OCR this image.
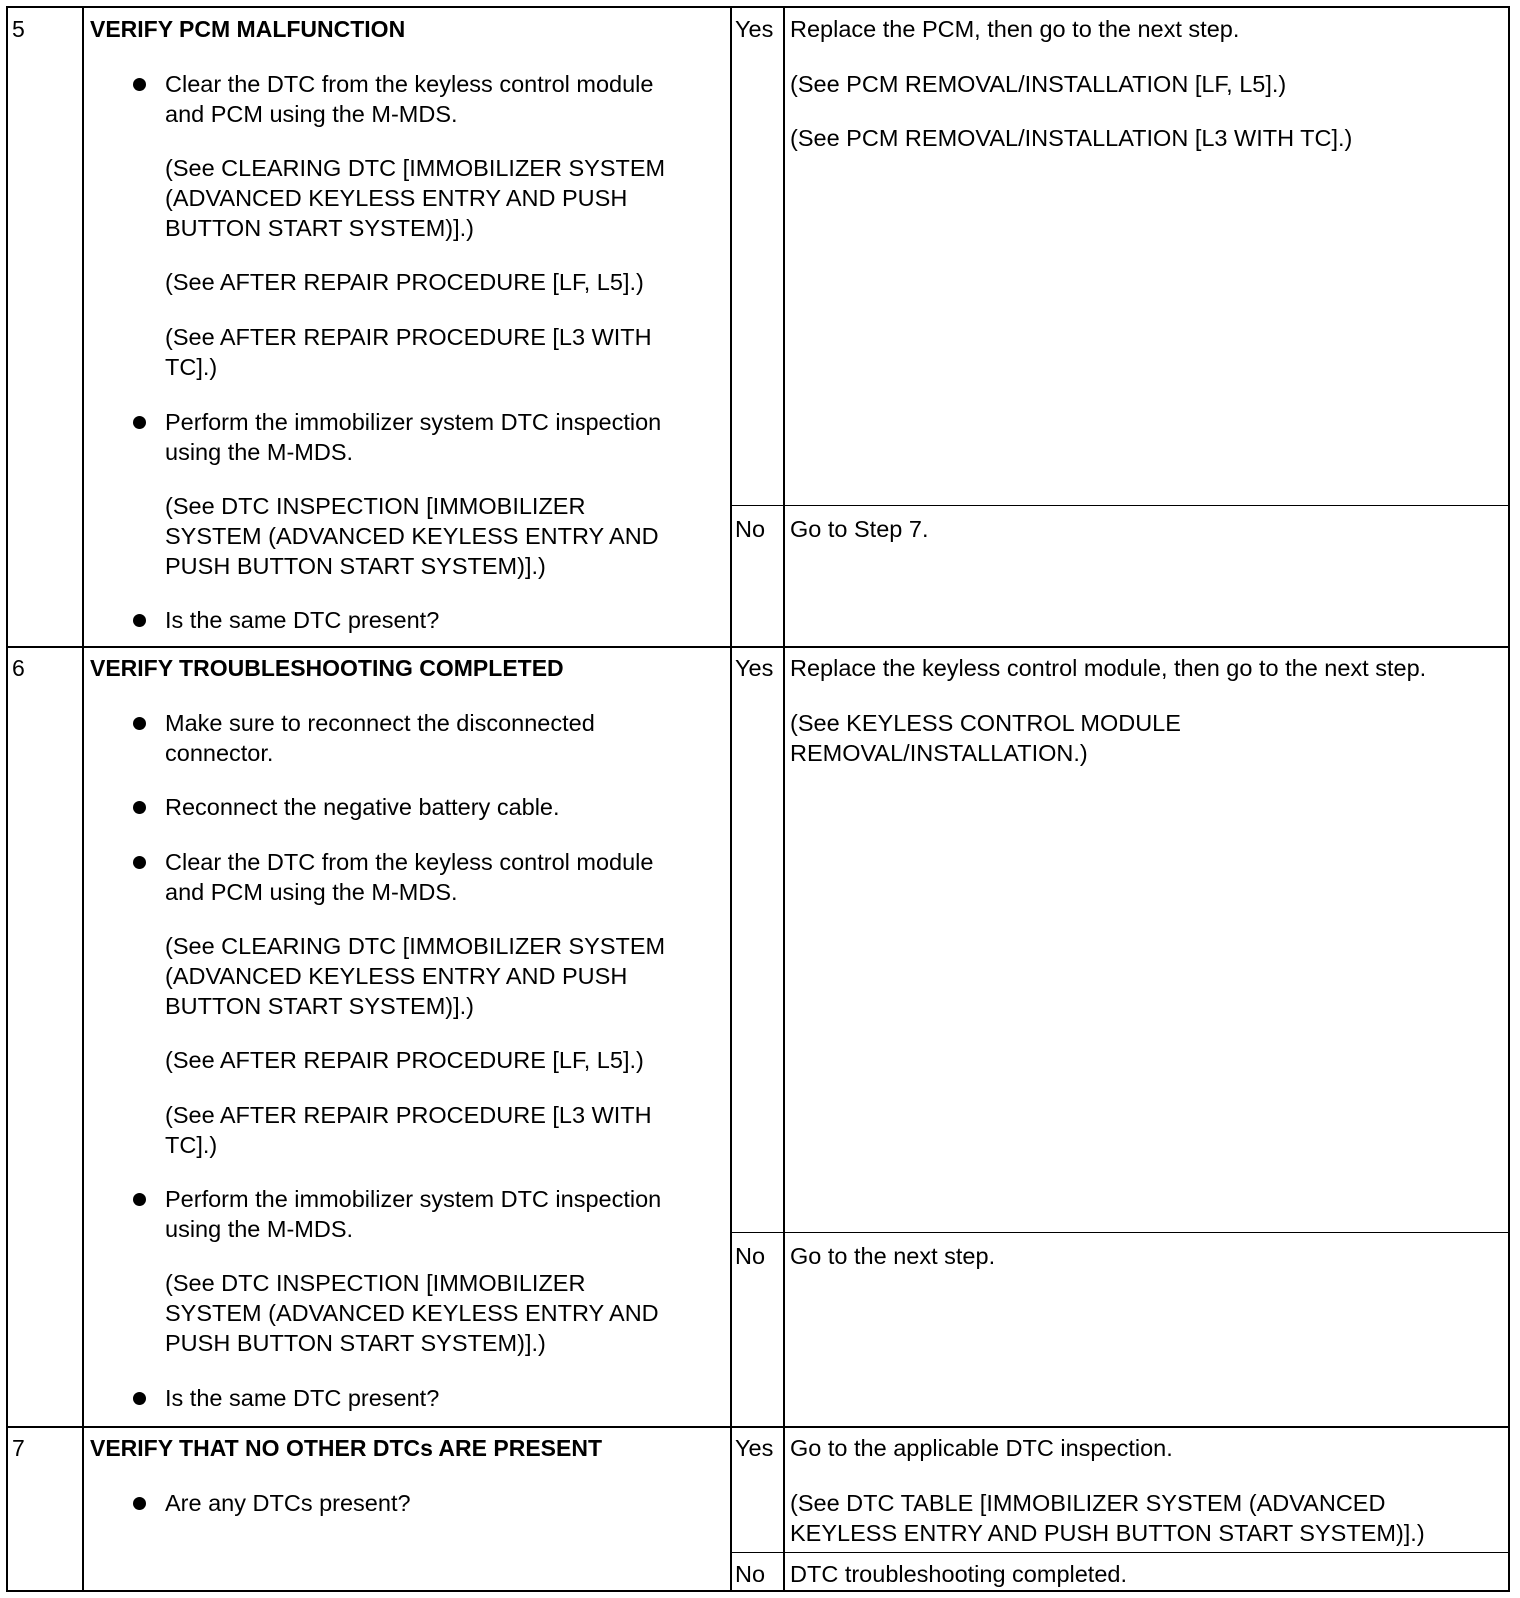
5	VERIFY PCM MALFUNCTION
Clear the DTC from the keyless control module
and PCM using the M-MDS.
(See CLEARING DTC [IMMOBILIZER SYSTEM
(ADVANCED KEYLESS ENTRY AND PUSH
BUTTON START SYSTEM)].)
(See AFTER REPAIR PROCEDURE [LF, L5].)
(See AFTER REPAIR PROCEDURE [L3 WITH
TC].)
Perform the immobilizer system DTC inspection
using the M-MDS.
(See DTC INSPECTION [IMMOBILIZER
SYSTEM (ADVANCED KEYLESS ENTRY AND
PUSH BUTTON START SYSTEM)].)
Is the same DTC present?
Yes Replace the PCM, then go to the next step.
(See PCM REMOVAL/INSTALLATION [LF, L5].)
(See PCM REMOVAL/INSTALLATION [L3 WITH TC].)
No Go to Step 7.
6	VERIFY TROUBLESHOOTING COMPLETED
Make sure to reconnect the disconnected
connector.
Reconnect the negative battery cable.
Clear the DTC from the keyless control module
and PCM using the M-MDS.
(See CLEARING DTC [IMMOBILIZER SYSTEM
(ADVANCED KEYLESS ENTRY AND PUSH
BUTTON START SYSTEM)].)
(See AFTER REPAIR PROCEDURE [LF, L5].)
(See AFTER REPAIR PROCEDURE [L3 WITH
TC].)
Perform the immobilizer system DTC inspection
using the M-MDS.
(See DTC INSPECTION [IMMOBILIZER
SYSTEM (ADVANCED KEYLESS ENTRY AND
PUSH BUTTON START SYSTEM)].)
Is the same DTC present?
Yes Replace the keyless control module, then go to the next step.
(See KEYLESS CONTROL MODULE
REMOVAL/INSTALLATION.)
No Go to the next step.
7	VERIFY THAT NO OTHER DTCs ARE PRESENT
Are any DTCs present?
Yes Go to the applicable DTC inspection.
(See DTC TABLE [IMMOBILIZER SYSTEM (ADVANCED
KEYLESS ENTRY AND PUSH BUTTON START SYSTEM)].)
No DTC troubleshooting completed.
